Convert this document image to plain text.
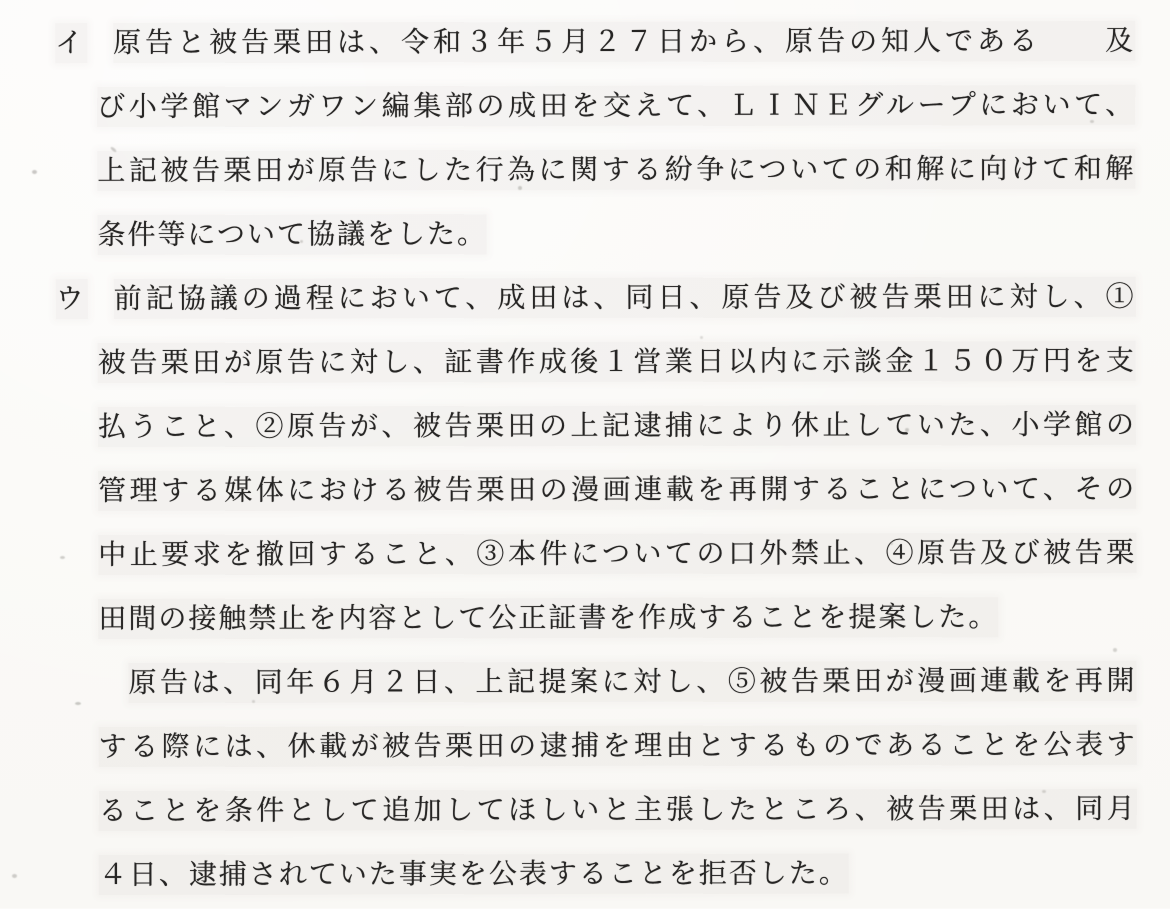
イ 原告と被告栗田は、令和３年５月２７日から、原告の知人である　　及
び小学館マンガワン編集部の成田を交えて、ＬＩＮＥグループにおいて、
上記被告栗田が原告にした行為に関する紛争についての和解に向けて和解
条件等について協議をした。
ウ 前記協議の過程において、成田は、同日、原告及び被告栗田に対し、①
被告栗田が原告に対し、証書作成後１営業日以内に示談金１５０万円を支
払うこと、②原告が、被告栗田の上記逮捕により休止していた、小学館の
管理する媒体における被告栗田の漫画連載を再開することについて、その
中止要求を撤回すること、③本件についての口外禁止、④原告及び被告栗
田間の接触禁止を内容として公正証書を作成することを提案した。
原告は、同年６月２日、上記提案に対し、⑤被告栗田が漫画連載を再開
する際には、休載が被告栗田の逮捕を理由とするものであることを公表す
ることを条件として追加してほしいと主張したところ、被告栗田は、同月
４日、逮捕されていた事実を公表することを拒否した。
